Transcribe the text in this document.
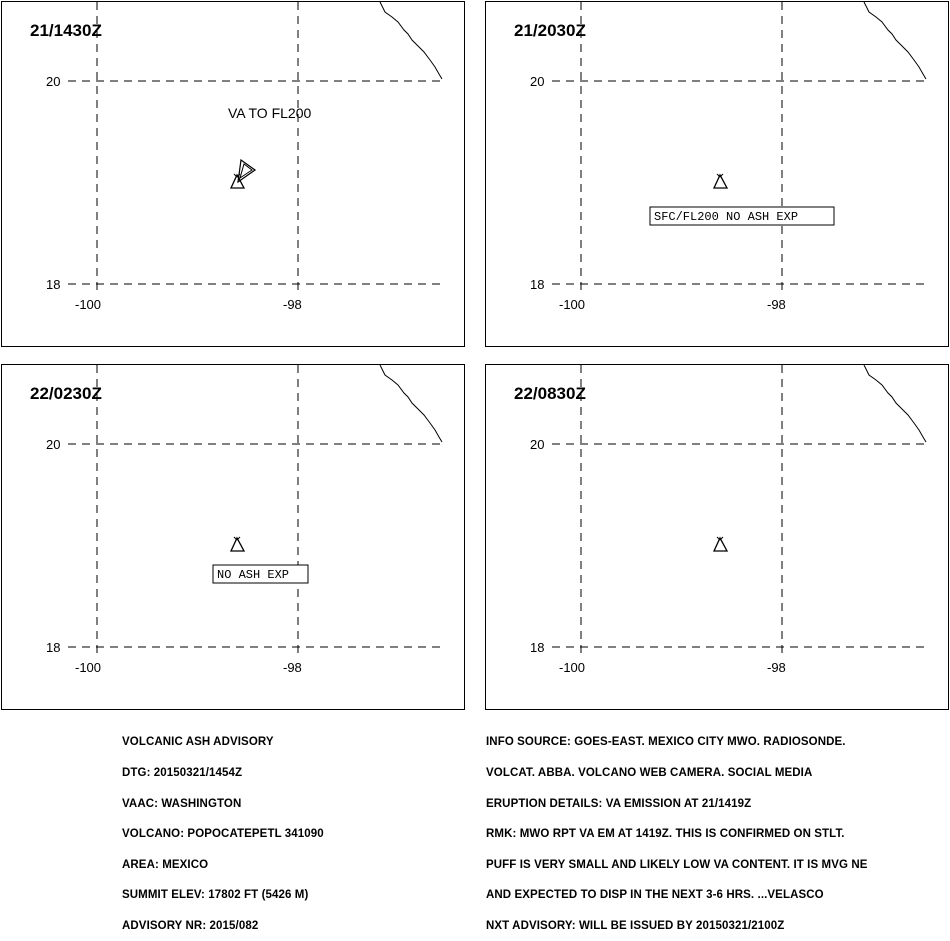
21/1430Z
20
18
-100	-98
VA TO FL200
21/2030Z
20
18
-100	-98
SFC/FL200 NO ASH EXP
22/0230Z
20
18
-100	-98
NO ASH EXP
22/0830Z
20
18
-100	-98

VOLCANIC ASH ADVISORY

DTG: 20150321/1454Z

VAAC: WASHINGTON

VOLCANO: POPOCATEPETL 341090

AREA: MEXICO

SUMMIT ELEV: 17802 FT (5426 M)

ADVISORY NR: 2015/082

INFO SOURCE: GOES-EAST. MEXICO CITY MWO. RADIOSONDE.

VOLCAT. ABBA. VOLCANO WEB CAMERA. SOCIAL MEDIA

ERUPTION DETAILS: VA EMISSION AT 21/1419Z

RMK: MWO RPT VA EM AT 1419Z. THIS IS CONFIRMED ON STLT.

PUFF IS VERY SMALL AND LIKELY LOW VA CONTENT. IT IS MVG NE

AND EXPECTED TO DISP IN THE NEXT 3-6 HRS. ...VELASCO

NXT ADVISORY: WILL BE ISSUED BY 20150321/2100Z
